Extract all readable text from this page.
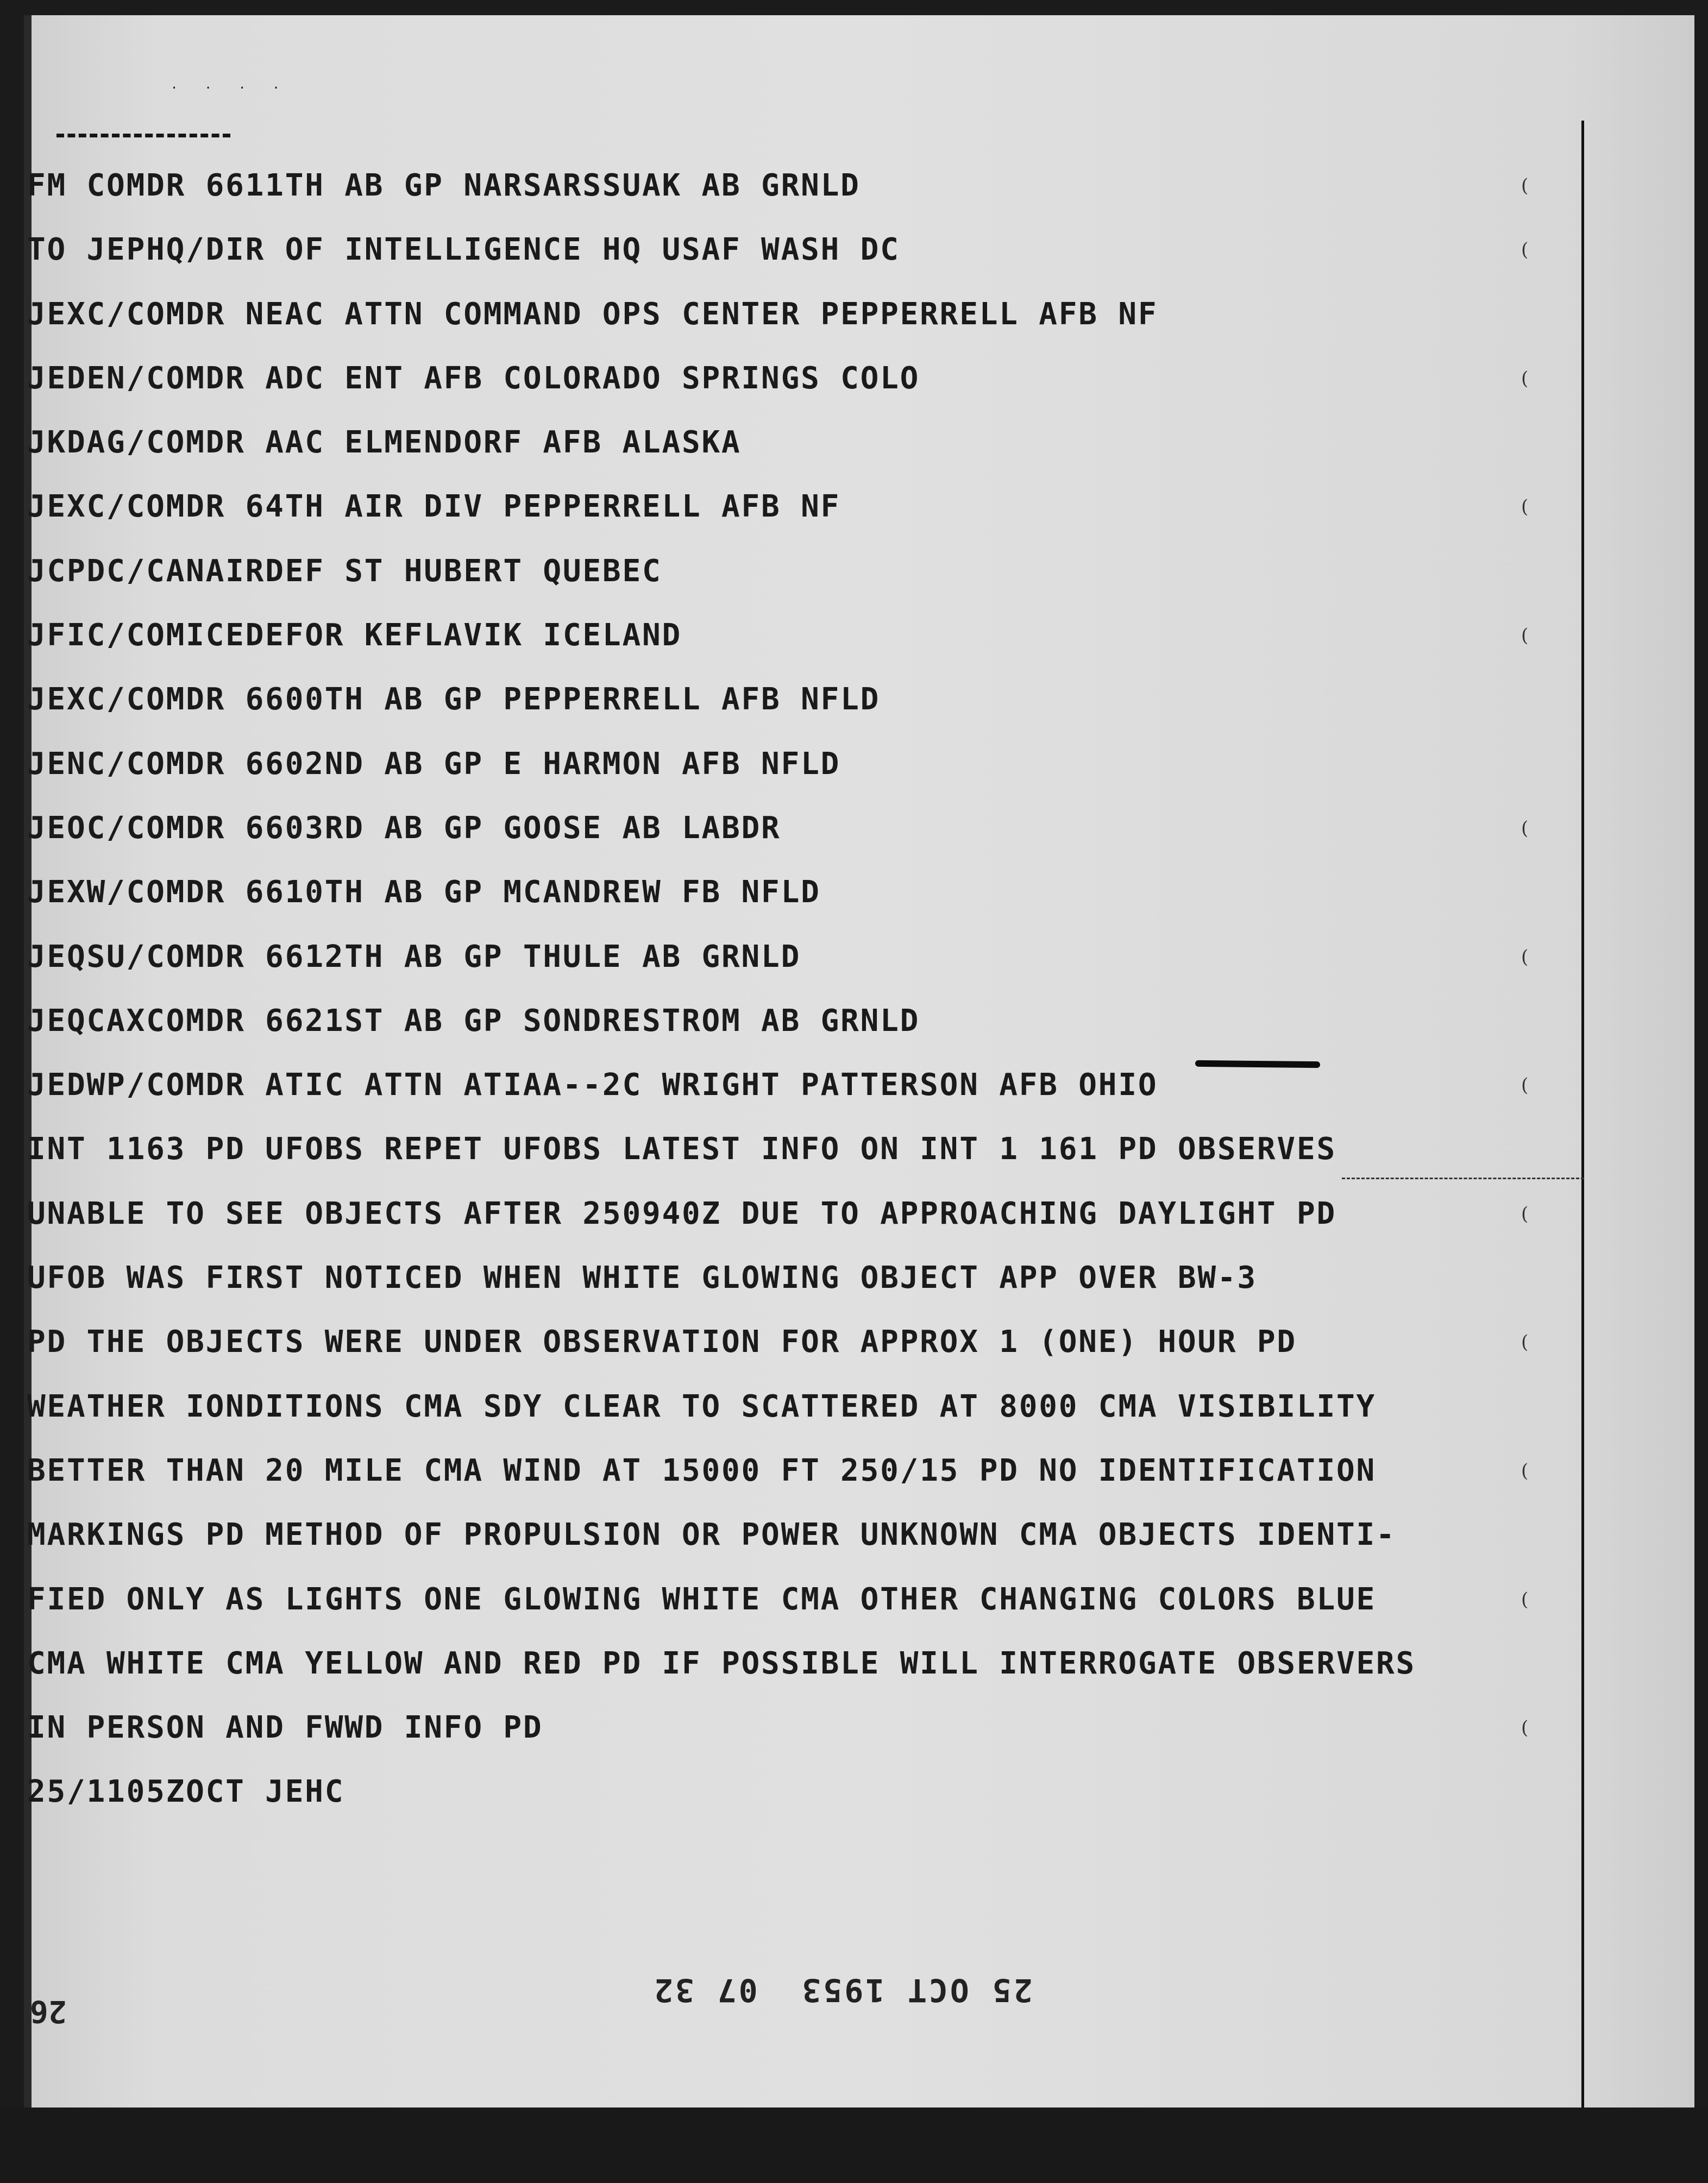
. . . .
FM COMDR 6611TH AB GP NARSARSSUAK AB GRNLD
TO JEPHQ/DIR OF INTELLIGENCE HQ USAF WASH DC
JEXC/COMDR NEAC ATTN COMMAND OPS CENTER PEPPERRELL AFB NF
JEDEN/COMDR ADC ENT AFB COLORADO SPRINGS COLO
JKDAG/COMDR AAC ELMENDORF AFB ALASKA
JEXC/COMDR 64TH AIR DIV PEPPERRELL AFB NF
JCPDC/CANAIRDEF ST HUBERT QUEBEC
JFIC/COMICEDEFOR KEFLAVIK ICELAND
JEXC/COMDR 6600TH AB GP PEPPERRELL AFB NFLD
JENC/COMDR 6602ND AB GP E HARMON AFB NFLD
JEOC/COMDR 6603RD AB GP GOOSE AB LABDR
JEXW/COMDR 6610TH AB GP MCANDREW FB NFLD
JEQSU/COMDR 6612TH AB GP THULE AB GRNLD
JEQCAXCOMDR 6621ST AB GP SONDRESTROM AB GRNLD
JEDWP/COMDR ATIC ATTN ATIAA--2C WRIGHT PATTERSON AFB OHIO
INT 1163 PD UFOBS REPET UFOBS LATEST INFO ON INT 1 161 PD OBSERVES
UNABLE TO SEE OBJECTS AFTER 250940Z DUE TO APPROACHING DAYLIGHT PD
UFOB WAS FIRST NOTICED WHEN WHITE GLOWING OBJECT APP OVER BW-3
PD THE OBJECTS WERE UNDER OBSERVATION FOR APPROX 1 (ONE) HOUR PD
WEATHER IONDITIONS CMA SDY CLEAR TO SCATTERED AT 8000 CMA VISIBILITY
BETTER THAN 20 MILE CMA WIND AT 15000 FT 250/15 PD NO IDENTIFICATION
MARKINGS PD METHOD OF PROPULSION OR POWER UNKNOWN CMA OBJECTS IDENTI-
FIED ONLY AS LIGHTS ONE GLOWING WHITE CMA OTHER CHANGING COLORS BLUE
CMA WHITE CMA YELLOW AND RED PD IF POSSIBLE WILL INTERROGATE OBSERVERS
IN PERSON AND FWWD INFO PD
25/1105ZOCT JEHC
(
(
(
(
(
(
(
(
(
(
(
(
(
25 OCT 1953  07 32
26
